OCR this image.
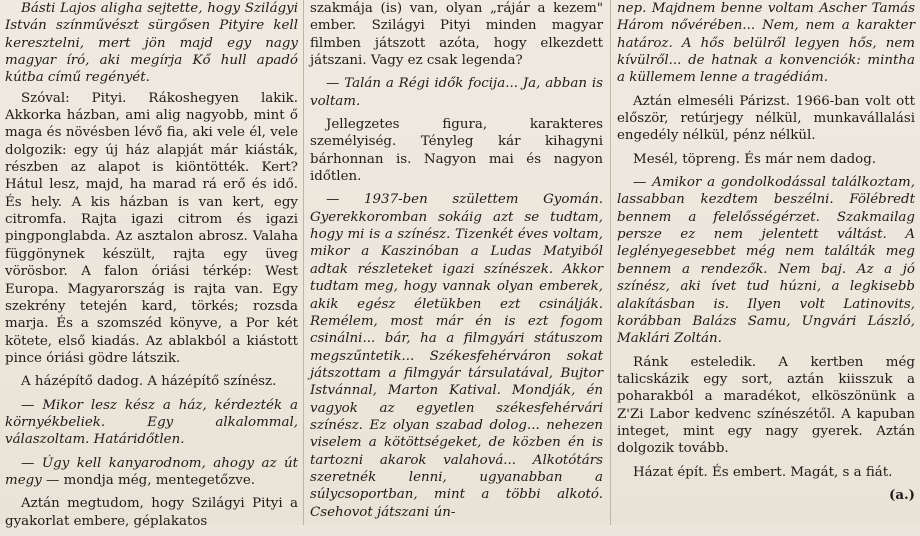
Básti Lajos aligha sejtette, hogy Szilágyi István színművészt sürgősen Pityire kell keresztelni, mert jön majd egy nagy magyar író, aki megírja Kő hull apadó kútba című regényét.

Szóval: Pityi. Rákoshegyen lakik. Akkorka házban, ami alig nagyobb, mint ő maga és növésben lévő fia, aki vele él, vele dolgozik: egy új ház alapját már kiásták, részben az alapot is kiöntötték. Kert? Hátul lesz, majd, ha marad rá erő és idő. És hely. A kis házban is van kert, egy citromfa. Rajta igazi citrom és igazi pingponglabda. Az asztalon abrosz. Valaha függönynek készült, rajta egy üveg vörösbor. A falon óriási térkép: West Europa. Magyarország is rajta van. Egy szekrény tetején kard, törkés; rozsda marja. És a szomszéd könyve, a Por két kötete, első kiadás. Az ablakból a kiástott pince óriási gödre látszik.

A házépítő dadog. A házépítő színész.

— Mikor lesz kész a ház, kérdezték a környékbeliek. Egy alkalommal, válaszoltam. Határidőtlen.

— Úgy kell kanyarodnom, ahogy az út megy — mondja még, mentegetőzve.

Aztán megtudom, hogy Szilágyi Pityi a gyakorlat embere, géplakatos

szakmája (is) van, olyan „rájár a kezem" ember. Szilágyi Pityi minden magyar filmben játszott azóta, hogy elkezdett játszani. Vagy ez csak legenda?

— Talán a Régi idők focija... Ja, abban is voltam.

Jellegzetes figura, karakteres személyiség. Tényleg kár kihagyni bárhonnan is. Nagyon mai és nagyon időtlen.

— 1937-ben születtem Gyomán. Gyerekkoromban sokáig azt se tudtam, hogy mi is a színész. Tizenkét éves voltam, mikor a Kaszinóban a Ludas Matyiból adtak részleteket igazi színészek. Akkor tudtam meg, hogy vannak olyan emberek, akik egész életükben ezt csinálják. Remélem, most már én is ezt fogom csinálni... bár, ha a filmgyári státuszom megszűntetik... Székesfehérváron sokat játszottam a filmgyár társulatával, Bujtor Istvánnal, Marton Katival. Mondják, én vagyok az egyetlen székesfehérvári színész. Ez olyan szabad dolog... nehezen viselem a kötöttségeket, de közben én is tartozni akarok valahová... Alkotótárs szeretnék lenni, ugyanabban a súlycsoportban, mint a többi alkotó. Csehovot játszani ún-

nep. Majdnem benne voltam Ascher Tamás Három nővérében... Nem, nem a karakter határoz. A hős belülről legyen hős, nem kívülről... de hatnak a konvenciók: mintha a küllemem lenne a tragédiám.

Aztán elmeséli Párizst. 1966-ban volt ott először, retúrjegy nélkül, munkavállalási engedély nélkül, pénz nélkül.

Mesél, töpreng. És már nem dadog.

— Amikor a gondolkodással találkoztam, lassabban kezdtem beszélni. Fölébredt bennem a felelősségérzet. Szakmailag persze ez nem jelentett váltást. A leglényegesebbet még nem találták meg bennem a rendezők. Nem baj. Az a jó színész, aki ívet tud húzni, a legkisebb alakításban is. Ilyen volt Latinovits, korábban Balázs Samu, Ungvári László, Maklári Zoltán.

Ránk esteledik. A kertben még talicskázik egy sort, aztán kiisszuk a poharakból a maradékot, elköszönünk a Z'Zi Labor kedvenc színészétől. A kapuban integet, mint egy nagy gyerek. Aztán dolgozik tovább.

Házat épít. És embert. Magát, s a fiát.

(a.)
